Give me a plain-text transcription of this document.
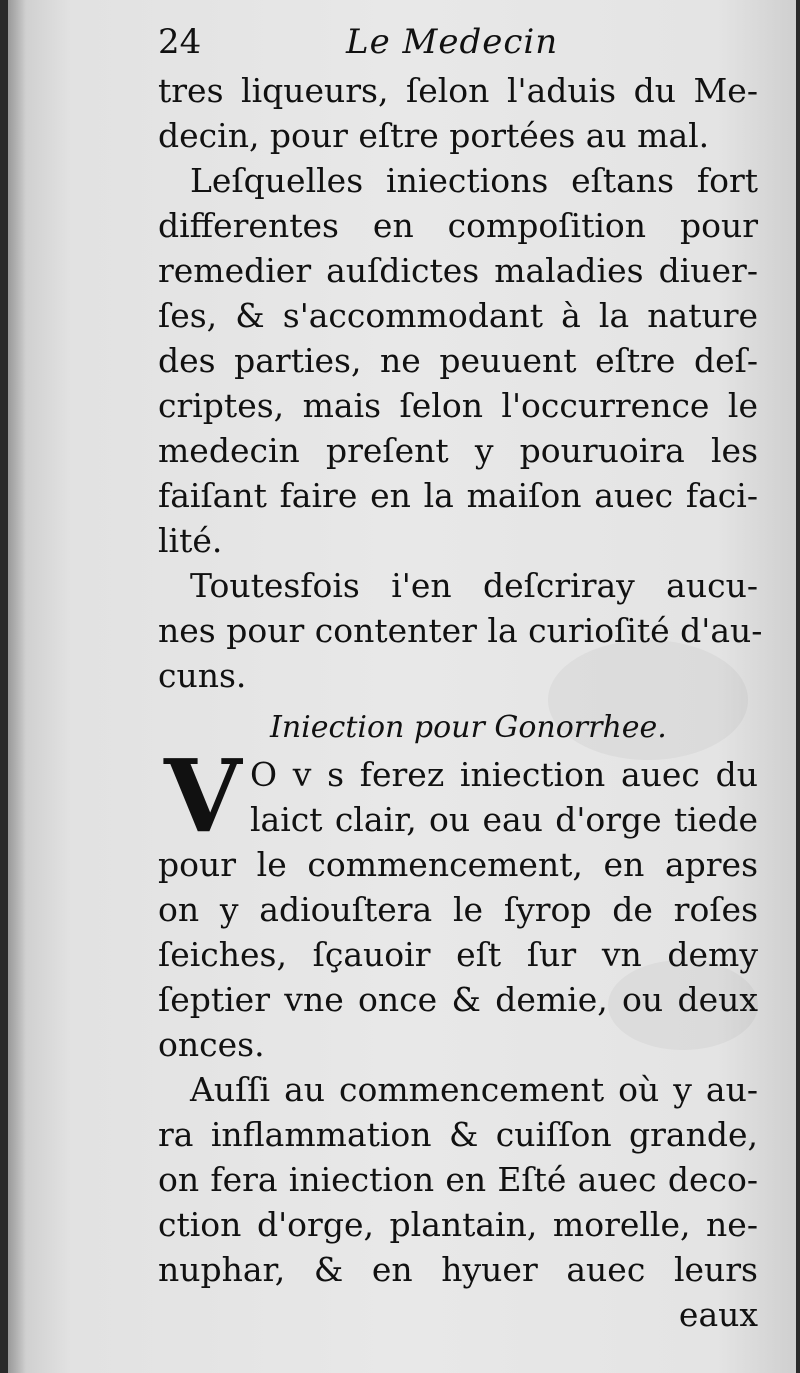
24	Le Medecin
tres liqueurs, ſelon l'aduis du Me-
decin, pour eſtre portées au mal.
Leſquelles iniections eſtans fort
differentes en compoſition pour
remedier auſdictes maladies diuer-
ſes, & s'accommodant à la nature
des parties, ne peuuent eſtre deſ-
criptes, mais ſelon l'occurrence le
medecin preſent y pouruoira les
faiſant faire en la maiſon auec faci-
lité.
Toutesfois i'en deſcriray aucu-
nes pour contenter la curioſité d'au-
cuns.
Iniection pour Gonorrhee.
V O v s ferez iniection auec du
laict clair, ou eau d'orge tiede
pour le commencement, en apres
on y adiouſtera le ſyrop de roſes
ſeiches, ſçauoir eſt ſur vn demy
ſeptier vne once & demie, ou deux
onces.
Auſſi au commencement où y au-
ra inflammation & cuiſſon grande,
on fera iniection en Eſté auec deco-
ction d'orge, plantain, morelle, ne-
nuphar, & en hyuer auec leurs
eaux
